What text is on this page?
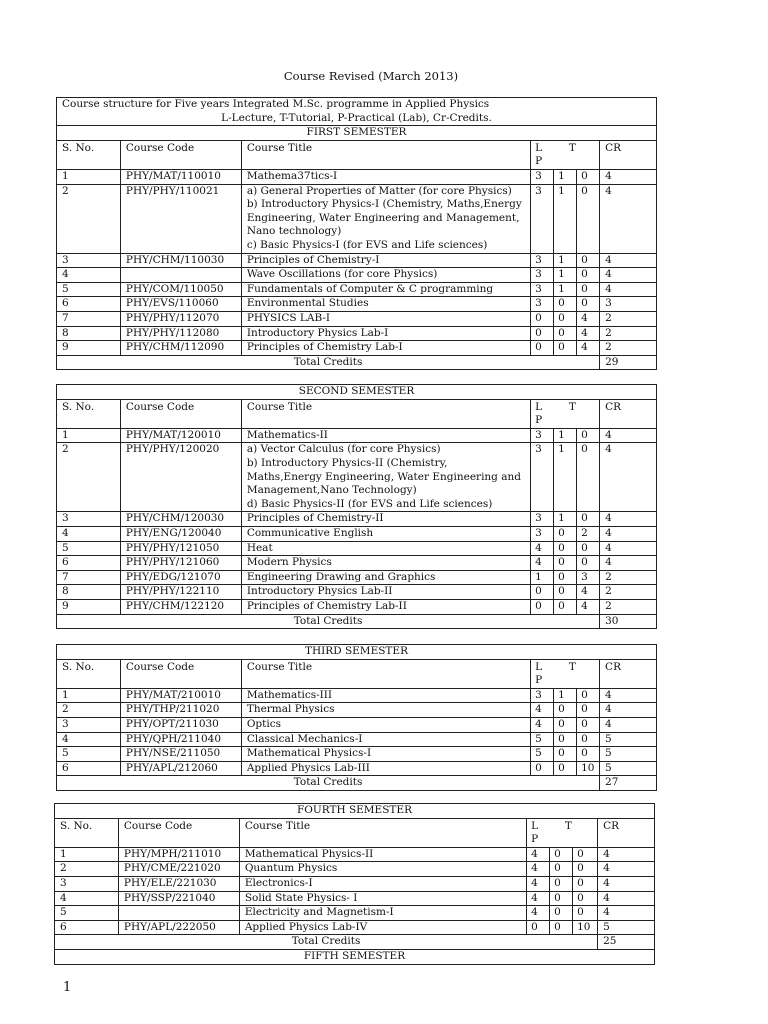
Course Revised (March 2013)
Course structure for Five years Integrated M.Sc. programme in Applied Physics
L-Lecture, T-Tutorial, P-Practical (Lab), Cr-Credits.						

FIRST SEMESTER						
S. No.	Course Code	Course Title	L T
P			CR
1	PHY/MAT/110010	Mathema37tics-I	3	1	0	4
2	PHY/PHY/110021	a) General Properties of Matter (for core Physics)
b) Introductory Physics-I (Chemistry, Maths,Energy Engineering, Water Engineering and Management, Nano technology)
c) Basic Physics-I (for EVS and Life sciences)	3	1	0	4
3	PHY/CHM/110030	Principles of Chemistry-I	3	1	0	4
4		Wave Oscillations (for core Physics)	3	1	0	4
5	PHY/COM/110050	Fundamentals of Computer & C programming	3	1	0	4
6	PHY/EVS/110060	Environmental Studies	3	0	0	3
7	PHY/PHY/112070	PHYSICS LAB-I	0	0	4	2
8	PHY/PHY/112080	Introductory Physics Lab-I	0	0	4	2
9	PHY/CHM/112090	Principles of Chemistry Lab-I	0	0	4	2
Total Credits						29
SECOND SEMESTER						
S. No.	Course Code	Course Title	L T
P			CR
1	PHY/MAT/120010	Mathematics-II	3	1	0	4
2	PHY/PHY/120020	a) Vector Calculus (for core Physics)
b) Introductory Physics-II (Chemistry, Maths,Energy Engineering, Water Engineering and Management,Nano Technology)
d) Basic Physics-II (for EVS and Life sciences)	3	1	0	4
3	PHY/CHM/120030	Principles of Chemistry-II	3	1	0	4
4	PHY/ENG/120040	Communicative English	3	0	2	4
5	PHY/PHY/121050	Heat	4	0	0	4
6	PHY/PHY/121060	Modern Physics	4	0	0	4
7	PHY/EDG/121070	Engineering Drawing and Graphics	1	0	3	2
8	PHY/PHY/122110	Introductory Physics Lab-II	0	0	4	2
9	PHY/CHM/122120	Principles of Chemistry Lab-II	0	0	4	2
Total Credits						30
THIRD SEMESTER						
S. No.	Course Code	Course Title	L T
P			CR
1	PHY/MAT/210010	Mathematics-III	3	1	0	4
2	PHY/THP/211020	Thermal Physics	4	0	0	4
3	PHY/OPT/211030	Optics	4	0	0	4
4	PHY/QPH/211040	Classical Mechanics-I	5	0	0	5
5	PHY/NSE/211050	Mathematical Physics-I	5	0	0	5
6	PHY/APL/212060	Applied Physics Lab-III	0	0	10	5
Total Credits						27
FOURTH SEMESTER						
S. No.	Course Code	Course Title	L T
P			CR
1	PHY/MPH/211010	Mathematical Physics-II	4	0	0	4
2	PHY/CME/221020	Quantum Physics	4	0	0	4
3	PHY/ELE/221030	Electronics-I	4	0	0	4
4	PHY/SSP/221040	Solid State Physics- I	4	0	0	4
5		Electricity and Magnetism-I	4	0	0	4
6	PHY/APL/222050	Applied Physics Lab-IV	0	0	10	5
Total Credits						25
FIFTH SEMESTER						
1
